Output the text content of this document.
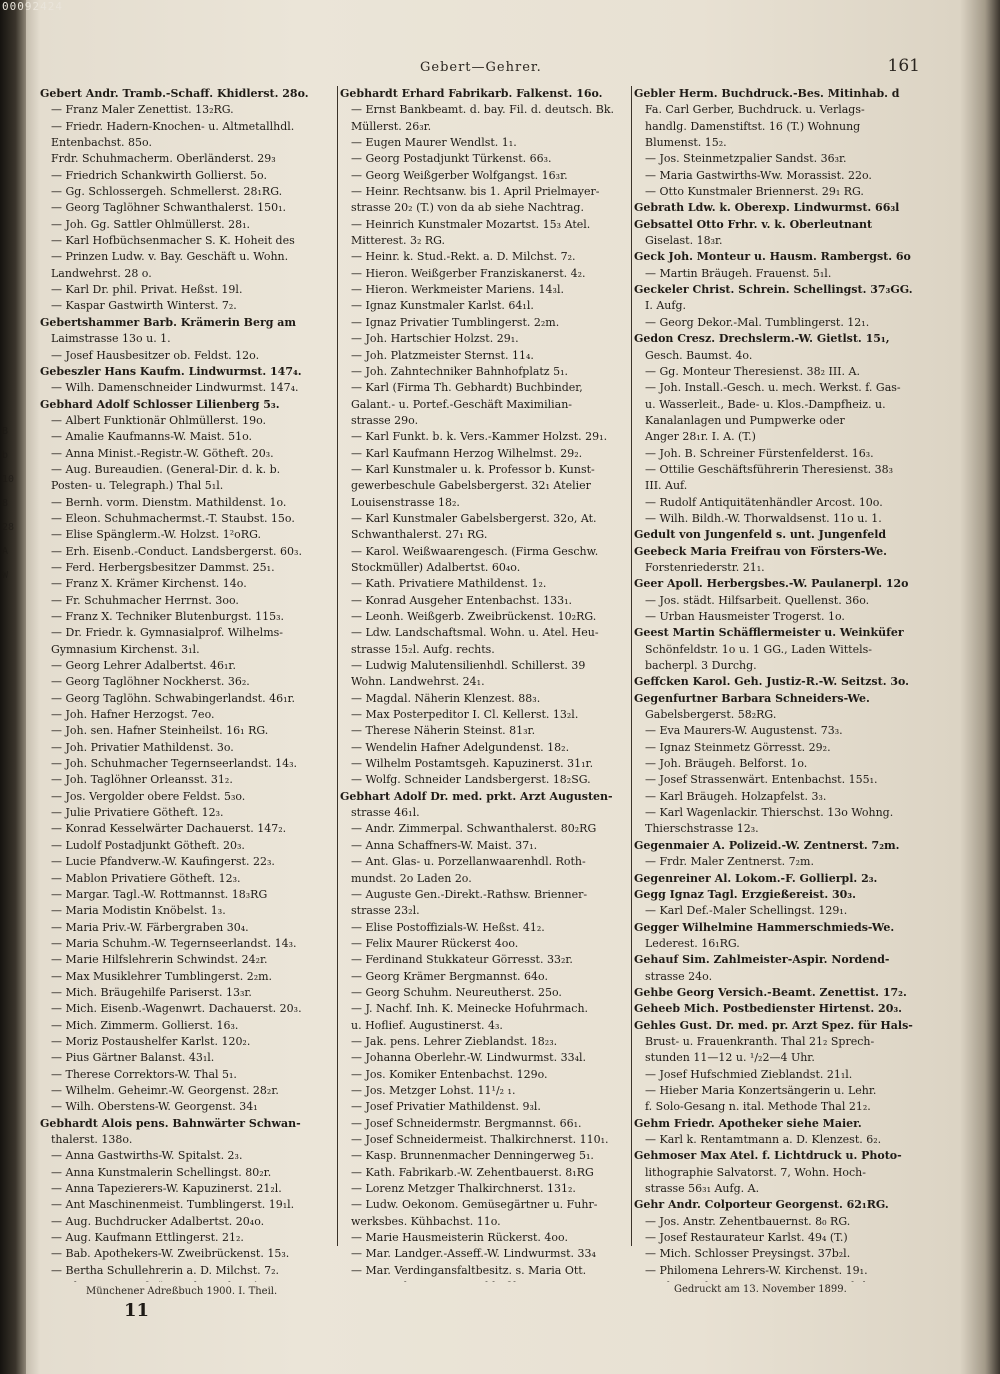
00092424
B
b
10
8
28
A
W
Gebert—Gehrer.	161
Gebert Andr. Tramb.-Schaff. Khidlerst. 28o.
— Franz Maler Zenettist. 13₂RG.
— Friedr. Hadern-Knochen- u. Altmetallhdl.
Entenbachst. 85o.
Frdr. Schuhmacherm. Oberländerst. 29₃
— Friedrich Schankwirth Gollierst. 5o.
— Gg. Schlossergeh. Schmellerst. 28₁RG.
— Georg Taglöhner Schwanthalerst. 150₁.
— Joh. Gg. Sattler Ohlmüllerst. 28₁.
— Karl Hofbüchsenmacher S. K. Hoheit des
— Prinzen Ludw. v. Bay. Geschäft u. Wohn.
Landwehrst. 28 o.
— Karl Dr. phil. Privat. Heßst. 19l.
— Kaspar Gastwirth Winterst. 7₂.
Gebertshammer Barb. Krämerin Berg am
Laimstrasse 13o u. 1.
— Josef Hausbesitzer ob. Feldst. 12o.
Gebeszler Hans Kaufm. Lindwurmst. 147₄.
— Wilh. Damenschneider Lindwurmst. 147₄.
Gebhard Adolf Schlosser Lilienberg 5₃.
— Albert Funktionär Ohlmüllerst. 19o.
— Amalie Kaufmanns-W. Maist. 51o.
— Anna Minist.-Registr.-W. Götheft. 20₃.
— Aug. Bureaudien. (General-Dir. d. k. b.
Posten- u. Telegraph.) Thal 5₁l.
— Bernh. vorm. Dienstm. Mathildenst. 1o.
— Eleon. Schuhmachermst.-T. Staubst. 15o.
— Elise Spänglerm.-W. Holzst. 1²oRG.
— Erh. Eisenb.-Conduct. Landsbergerst. 60₃.
— Ferd. Herbergsbesitzer Dammst. 25₁.
— Franz X. Krämer Kirchenst. 14o.
— Fr. Schuhmacher Herrnst. 3oo.
— Franz X. Techniker Blutenburgst. 115₃.
— Dr. Friedr. k. Gymnasialprof. Wilhelms-
Gymnasium Kirchenst. 3₁l.
— Georg Lehrer Adalbertst. 46₁r.
— Georg Taglöhner Nockherst. 36₂.
— Georg Taglöhn. Schwabingerlandst. 46₁r.
— Joh. Hafner Herzogst. 7eo.
— Joh. sen. Hafner Steinheilst. 16₁ RG.
— Joh. Privatier Mathildenst. 3o.
— Joh. Schuhmacher Tegernseerlandst. 14₃.
— Joh. Taglöhner Orleansst. 31₂.
— Jos. Vergolder obere Feldst. 5₃o.
— Julie Privatiere Götheft. 12₃.
— Konrad Kesselwärter Dachauerst. 147₂.
— Ludolf Postadjunkt Götheft. 20₃.
— Lucie Pfandverw.-W. Kaufingerst. 22₃.
— Mablon Privatiere Götheft. 12₃.
— Margar. Tagl.-W. Rottmannst. 18₃RG
— Maria Modistin Knöbelst. 1₃.
— Maria Priv.-W. Färbergraben 30₄.
— Maria Schuhm.-W. Tegernseerlandst. 14₃.
— Marie Hilfslehrerin Schwindst. 24₂r.
— Max Musiklehrer Tumblingerst. 2₂m.
— Mich. Bräugehilfe Pariserst. 13₃r.
— Mich. Eisenb.-Wagenwrt. Dachauerst. 20₃.
— Mich. Zimmerm. Gollierst. 16₃.
— Moriz Postaushelfer Karlst. 120₂.
— Pius Gärtner Balanst. 43₁l.
— Therese Correktors-W. Thal 5₁.
— Wilhelm. Geheimr.-W. Georgenst. 28₂r.
— Wilh. Oberstens-W. Georgenst. 34₁
Gebhardt Alois pens. Bahnwärter Schwan-
thalerst. 138o.
— Anna Gastwirths-W. Spitalst. 2₃.
— Anna Kunstmalerin Schellingst. 80₂r.
— Anna Tapezierers-W. Kapuzinerst. 21₂l.
— Ant Maschinenmeist. Tumblingerst. 19₁l.
— Aug. Buchdrucker Adalbertst. 20₄o.
— Aug. Kaufmann Ettlingerst. 21₂.
— Bab. Apothekers-W. Zweibrückenst. 15₃.
— Bertha Schullehrerin a. D. Milchst. 7₂.
Gebhardt Erhard Fabrikarb. Falkenst. 16o.
— Ernst Bankbeamt. d. bay. Fil. d. deutsch. Bk.
Müllerst. 26₃r.
— Eugen Maurer Wendlst. 1₁.
— Georg Postadjunkt Türkenst. 66₃.
— Georg Weißgerber Wolfgangst. 16₃r.
— Heinr. Rechtsanw. bis 1. April Prielmayer-
strasse 20₂ (T.) von da ab siehe Nachtrag.
— Heinrich Kunstmaler Mozartst. 15₃ Atel.
Mitterest. 3₂ RG.
— Heinr. k. Stud.-Rekt. a. D. Milchst. 7₂.
— Hieron. Weißgerber Franziskanerst. 4₂.
— Hieron. Werkmeister Mariens. 14₃l.
— Ignaz Kunstmaler Karlst. 64₁l.
— Ignaz Privatier Tumblingerst. 2₂m.
— Joh. Hartschier Holzst. 29₁.
— Joh. Platzmeister Sternst. 11₄.
— Joh. Zahntechniker Bahnhofplatz 5₁.
— Karl (Firma Th. Gebhardt) Buchbinder,
Galant.- u. Portef.-Geschäft Maximilian-
strasse 29o.
— Karl Funkt. b. k. Vers.-Kammer Holzst. 29₁.
— Karl Kaufmann Herzog Wilhelmst. 29₂.
— Karl Kunstmaler u. k. Professor b. Kunst-
gewerbeschule Gabelsbergerst. 32₁ Atelier
Louisenstrasse 18₂.
— Karl Kunstmaler Gabelsbergerst. 32o, At.
Schwanthalerst. 27₁ RG.
— Karol. Weißwaarengesch. (Firma Geschw.
Stockmüller) Adalbertst. 60₄o.
— Kath. Privatiere Mathildenst. 1₂.
— Konrad Ausgeher Entenbachst. 133₁.
— Leonh. Weißgerb. Zweibrückenst. 10₂RG.
— Ldw. Landschaftsmal. Wohn. u. Atel. Heu-
strasse 15₂l. Aufg. rechts.
— Ludwig Malutensilienhdl. Schillerst. 39
Wohn. Landwehrst. 24₁.
— Magdal. Näherin Klenzest. 88₃.
— Max Posterpeditor I. Cl. Kellerst. 13₂l.
— Therese Näherin Steinst. 81₃r.
— Wendelin Hafner Adelgundenst. 18₂.
— Wilhelm Postamtsgeh. Kapuzinerst. 31₁r.
— Wolfg. Schneider Landsbergerst. 18₂SG.
Gebhart Adolf Dr. med. prkt. Arzt Augusten-
strasse 46₁l.
— Andr. Zimmerpal. Schwanthalerst. 80₂RG
— Anna Schaffners-W. Maist. 37₁.
— Ant. Glas- u. Porzellanwaarenhdl. Roth-
mundst. 2o Laden 2o.
— Auguste Gen.-Direkt.-Rathsw. Brienner-
strasse 23₂l.
— Elise Postoffizials-W. Heßst. 41₂.
— Felix Maurer Rückerst 4oo.
— Ferdinand Stukkateur Görresst. 33₂r.
— Georg Krämer Bergmannst. 64o.
— Georg Schuhm. Neureutherst. 25o.
— J. Nachf. Inh. K. Meinecke Hofuhrmach.
u. Hoflief. Augustinerst. 4₃.
— Jak. pens. Lehrer Zieblandst. 18₂₃.
— Johanna Oberlehr.-W. Lindwurmst. 33₄l.
— Jos. Komiker Entenbachst. 129o.
— Jos. Metzger Lohst. 11¹/₂ ₁.
— Josef Privatier Mathildenst. 9₃l.
— Josef Schneidermstr. Bergmannst. 66₁.
— Josef Schneidermeist. Thalkirchnerst. 110₁.
— Kasp. Brunnenmacher Denningerweg 5₁.
— Kath. Fabrikarb.-W. Zehentbauerst. 8₁RG
— Lorenz Metzger Thalkirchnerst. 131₂.
— Ludw. Oekonom. Gemüsegärtner u. Fuhr-
werksbes. Kühbachst. 11o.
— Marie Hausmeisterin Rückerst. 4oo.
— Mar. Landger.-Asseff.-W. Lindwurmst. 33₄
— Mar. Verdingansfaltbesitz. s. Maria Ott.
Gebler Herm. Buchdruck.-Bes. Mitinhab. d
Fa. Carl Gerber, Buchdruck. u. Verlags-
handlg. Damenstiftst. 16 (T.) Wohnung
Blumenst. 15₂.
— Jos. Steinmetzpalier Sandst. 36₃r.
— Maria Gastwirths-Ww. Morassist. 22o.
— Otto Kunstmaler Briennerst. 29₁ RG.
Gebrath Ldw. k. Oberexp. Lindwurmst. 66₃l
Gebsattel Otto Frhr. v. k. Oberleutnant
Giselast. 18₃r.
Geck Joh. Monteur u. Hausm. Rambergst. 6o
— Martin Bräugeh. Frauenst. 5₁l.
Geckeler Christ. Schrein. Schellingst. 37₃GG.
I. Aufg.
— Georg Dekor.-Mal. Tumblingerst. 12₁.
Gedon Cresz. Drechslerm.-W. Gietlst. 15₁,
Gesch. Baumst. 4o.
— Gg. Monteur Theresienst. 38₂ III. A.
— Joh. Install.-Gesch. u. mech. Werkst. f. Gas-
u. Wasserleit., Bade- u. Klos.-Dampfheiz. u.
Kanalanlagen und Pumpwerke oder
Anger 28₁r. I. A. (T.)
— Joh. B. Schreiner Fürstenfelderst. 16₃.
— Ottilie Geschäftsführerin Theresienst. 38₃
III. Auf.
— Rudolf Antiquitätenhändler Arcost. 10o.
— Wilh. Bildh.-W. Thorwaldsenst. 11o u. 1.
Gedult von Jungenfeld s. unt. Jungenfeld
Geebeck Maria Freifrau von Försters-We.
Forstenriederstr. 21₁.
Geer Apoll. Herbergsbes.-W. Paulanerpl. 12o
— Jos. städt. Hilfsarbeit. Quellenst. 36o.
— Urban Hausmeister Trogerst. 1o.
Geest Martin Schäfflermeister u. Weinküfer
Schönfeldstr. 1o u. 1 GG., Laden Wittels-
bacherpl. 3 Durchg.
Geffcken Karol. Geh. Justiz-R.-W. Seitzst. 3o.
Gegenfurtner Barbara Schneiders-We.
Gabelsbergerst. 58₂RG.
— Eva Maurers-W. Augustenst. 73₃.
— Ignaz Steinmetz Görresst. 29₂.
— Joh. Bräugeh. Belforst. 1o.
— Josef Strassenwärt. Entenbachst. 155₁.
— Karl Bräugeh. Holzapfelst. 3₃.
— Karl Wagenlackir. Thierschst. 13o Wohng.
Thierschstrasse 12₃.
Gegenmaier A. Polizeid.-W. Zentnerst. 7₂m.
— Frdr. Maler Zentnerst. 7₂m.
Gegenreiner Al. Lokom.-F. Gollierpl. 2₃.
Gegg Ignaz Tagl. Erzgießereist. 30₃.
— Karl Def.-Maler Schellingst. 129₁.
Gegger Wilhelmine Hammerschmieds-We.
Lederest. 16₁RG.
Gehauf Sim. Zahlmeister-Aspir. Nordend-
strasse 24o.
Gehbe Georg Versich.-Beamt. Zenettist. 17₂.
Geheeb Mich. Postbedienster Hirtenst. 20₃.
Gehles Gust. Dr. med. pr. Arzt Spez. für Hals-
Brust- u. Frauenkranth. Thal 21₂ Sprech-
stunden 11—12 u. ¹/₂2—4 Uhr.
— Josef Hufschmied Zieblandst. 21₁l.
— Hieber Maria Konzertsängerin u. Lehr.
f. Solo-Gesang n. ital. Methode Thal 21₂.
Gehm Friedr. Apotheker siehe Maier.
— Karl k. Rentamtmann a. D. Klenzest. 6₂.
Gehmoser Max Atel. f. Lichtdruck u. Photo-
lithographie Salvatorst. 7, Wohn. Hoch-
strasse 56₃₁ Aufg. A.
Gehr Andr. Colporteur Georgenst. 62₁RG.
— Jos. Anstr. Zehentbauernst. 8₀ RG.
— Josef Restaurateur Karlst. 49₄ (T.)
— Mich. Schlosser Preysingst. 37b₂l.
— Philomena Lehrers-W. Kirchenst. 19₁.
Münchener Adreßbuch 1900. I. Theil.
11
Gedruckt am 13. November 1899.
